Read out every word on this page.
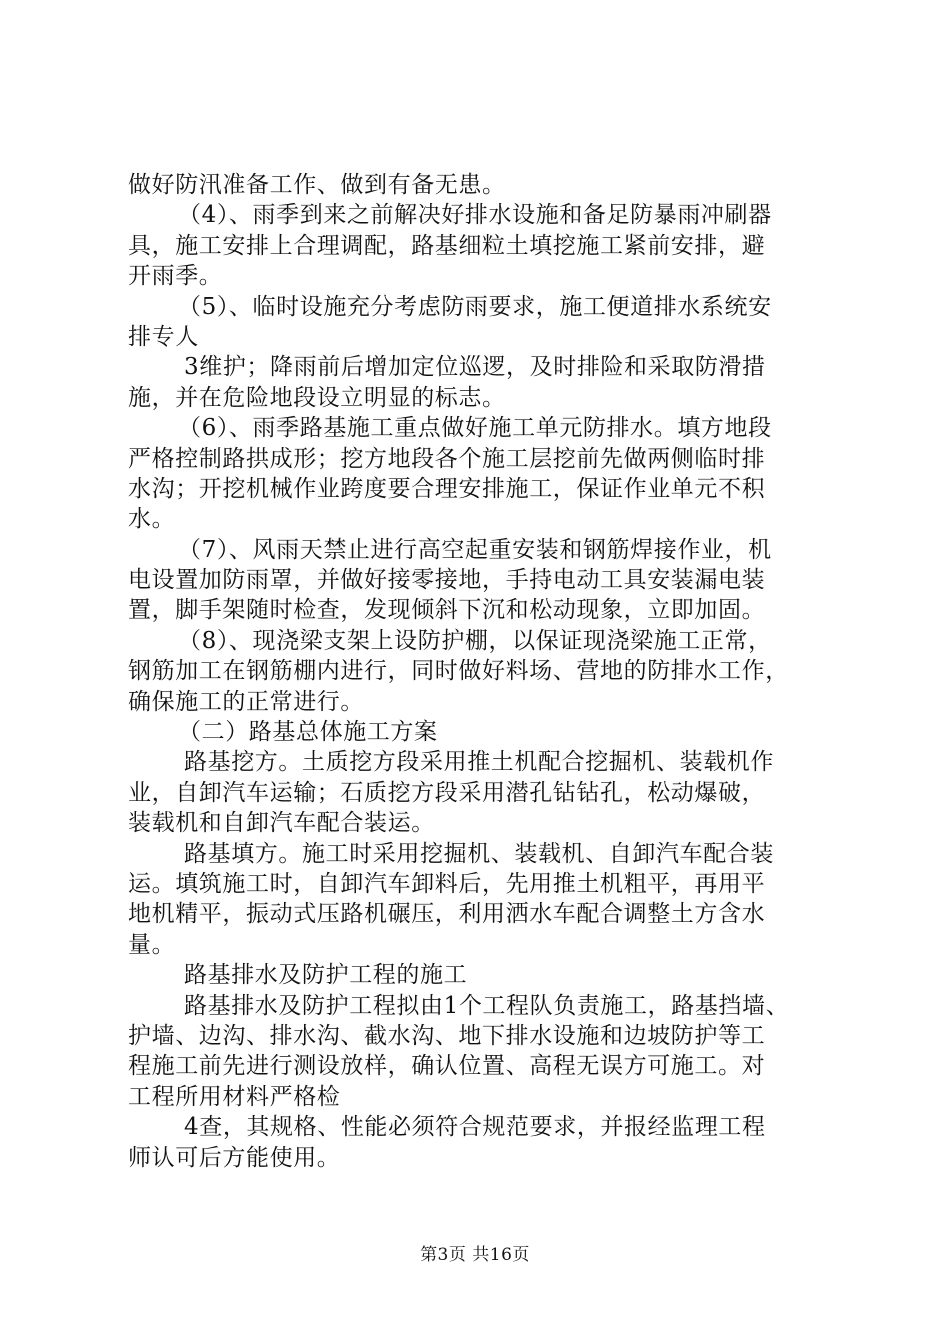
做好防汛准备工作、做到有备无患。
（4）、雨季到来之前解决好排水设施和备足防暴雨冲刷器
具，施工安排上合理调配，路基细粒土填挖施工紧前安排，避
开雨季。
（5）、临时设施充分考虑防雨要求，施工便道排水系统安
排专人
3维护；降雨前后增加定位巡逻，及时排险和采取防滑措
施，并在危险地段设立明显的标志。
（6）、雨季路基施工重点做好施工单元防排水。填方地段
严格控制路拱成形；挖方地段各个施工层挖前先做两侧临时排
水沟；开挖机械作业跨度要合理安排施工，保证作业单元不积
水。
（7）、风雨天禁止进行高空起重安装和钢筋焊接作业，机
电设置加防雨罩，并做好接零接地，手持电动工具安装漏电装
置，脚手架随时检查，发现倾斜下沉和松动现象，立即加固。
（8）、现浇梁支架上设防护棚，以保证现浇梁施工正常，
钢筋加工在钢筋棚内进行，同时做好料场、营地的防排水工作，
确保施工的正常进行。
（二）路基总体施工方案
路基挖方。土质挖方段采用推土机配合挖掘机、装载机作
业，自卸汽车运输；石质挖方段采用潜孔钻钻孔，松动爆破，
装载机和自卸汽车配合装运。
路基填方。施工时采用挖掘机、装载机、自卸汽车配合装
运。填筑施工时，自卸汽车卸料后，先用推土机粗平，再用平
地机精平，振动式压路机碾压，利用洒水车配合调整土方含水
量。
路基排水及防护工程的施工
路基排水及防护工程拟由1个工程队负责施工，路基挡墙、
护墙、边沟、排水沟、截水沟、地下排水设施和边坡防护等工
程施工前先进行测设放样，确认位置、高程无误方可施工。对
工程所用材料严格检
4查，其规格、性能必须符合规范要求，并报经监理工程
师认可后方能使用。
第3页 共16页
